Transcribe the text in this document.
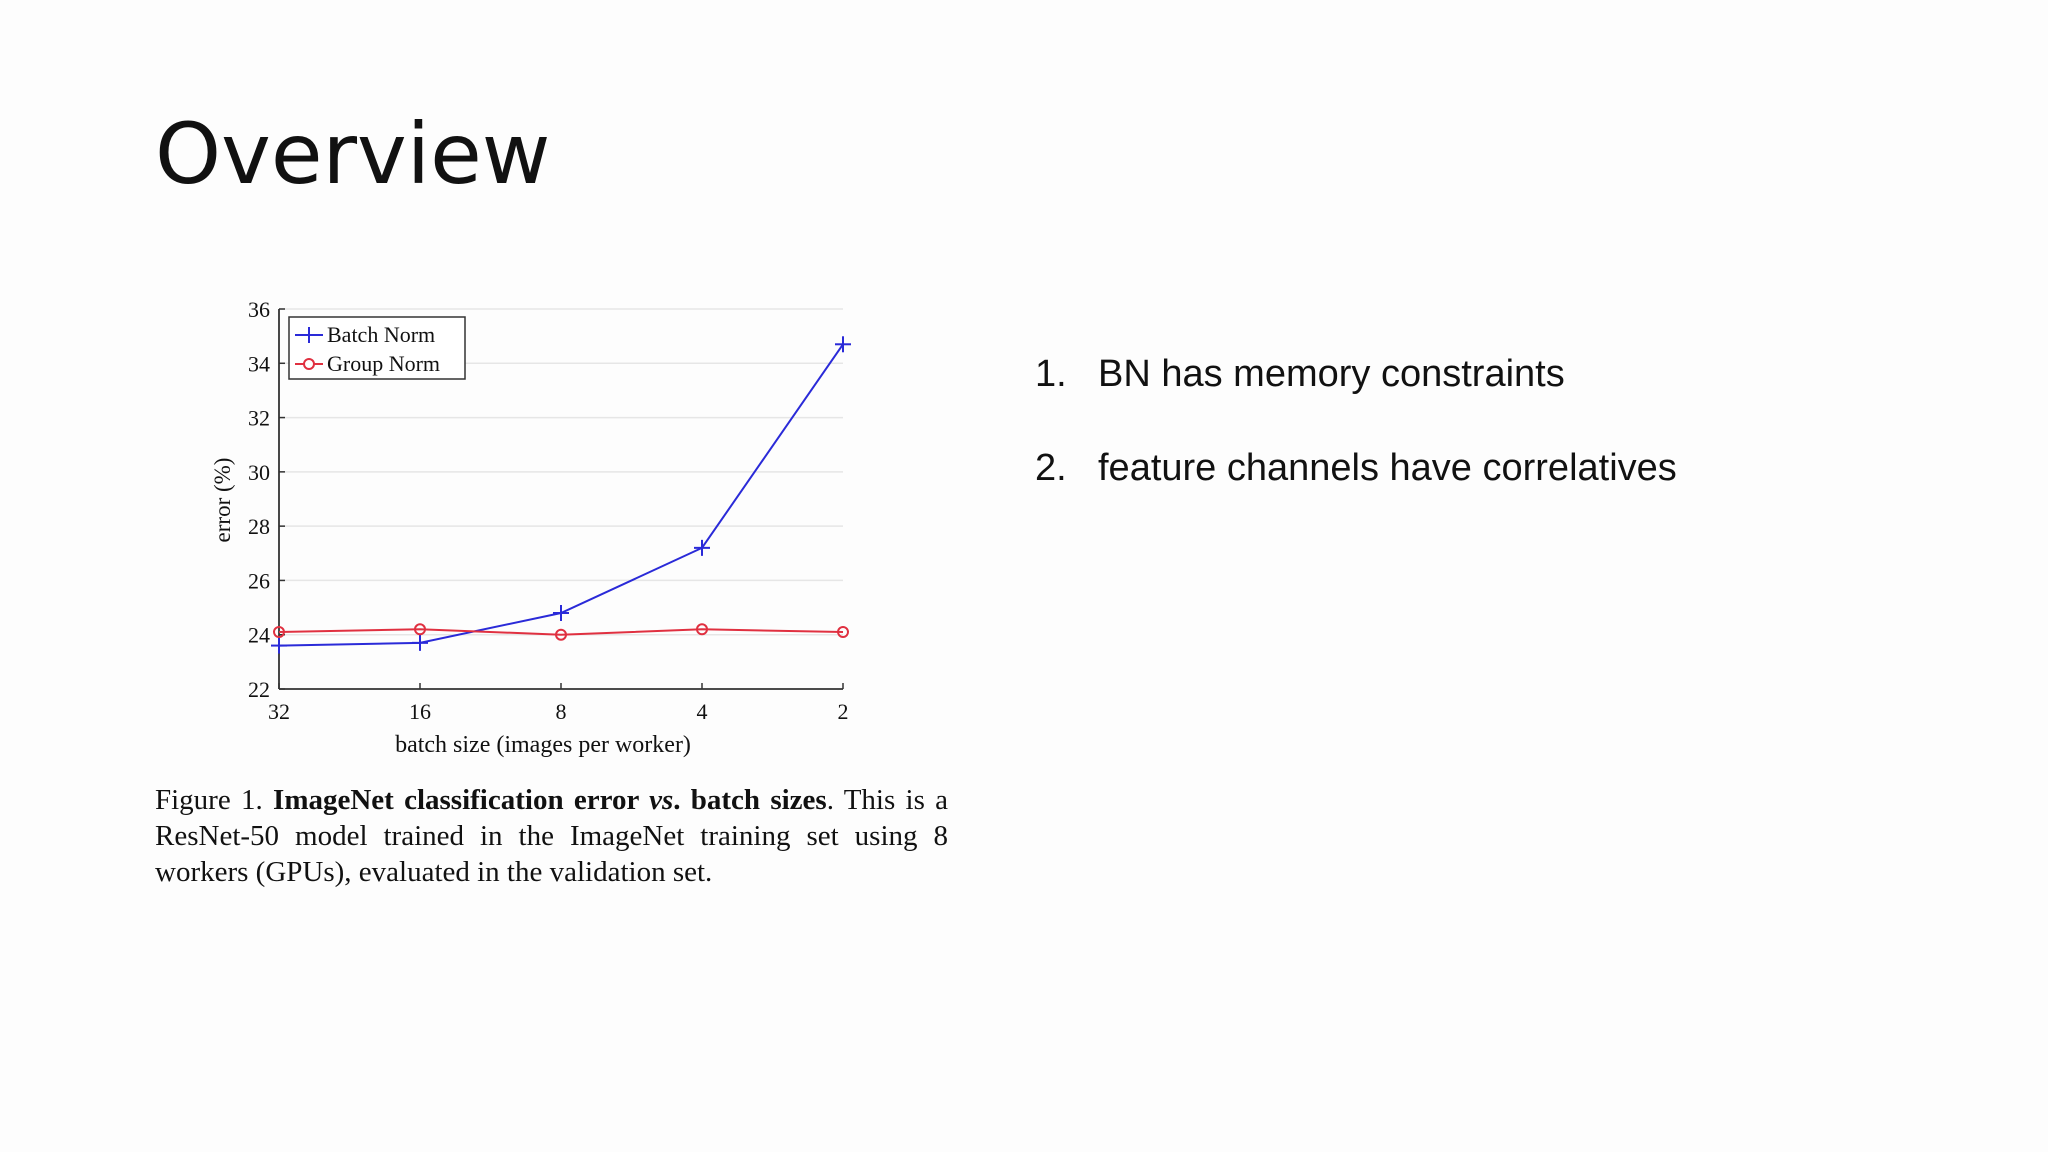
Overview
22
24
26
28
30
32
34
36
32	16	8	4	2
Batch Norm
Group Norm
error (%)
batch size (images per worker)

Figure 1. ImageNet classification error vs. batch sizes. This is a ResNet-50 model trained in the ImageNet training set using 8 workers (GPUs), evaluated in the validation set.

1. BN has memory constraints
2. feature channels have correlatives
